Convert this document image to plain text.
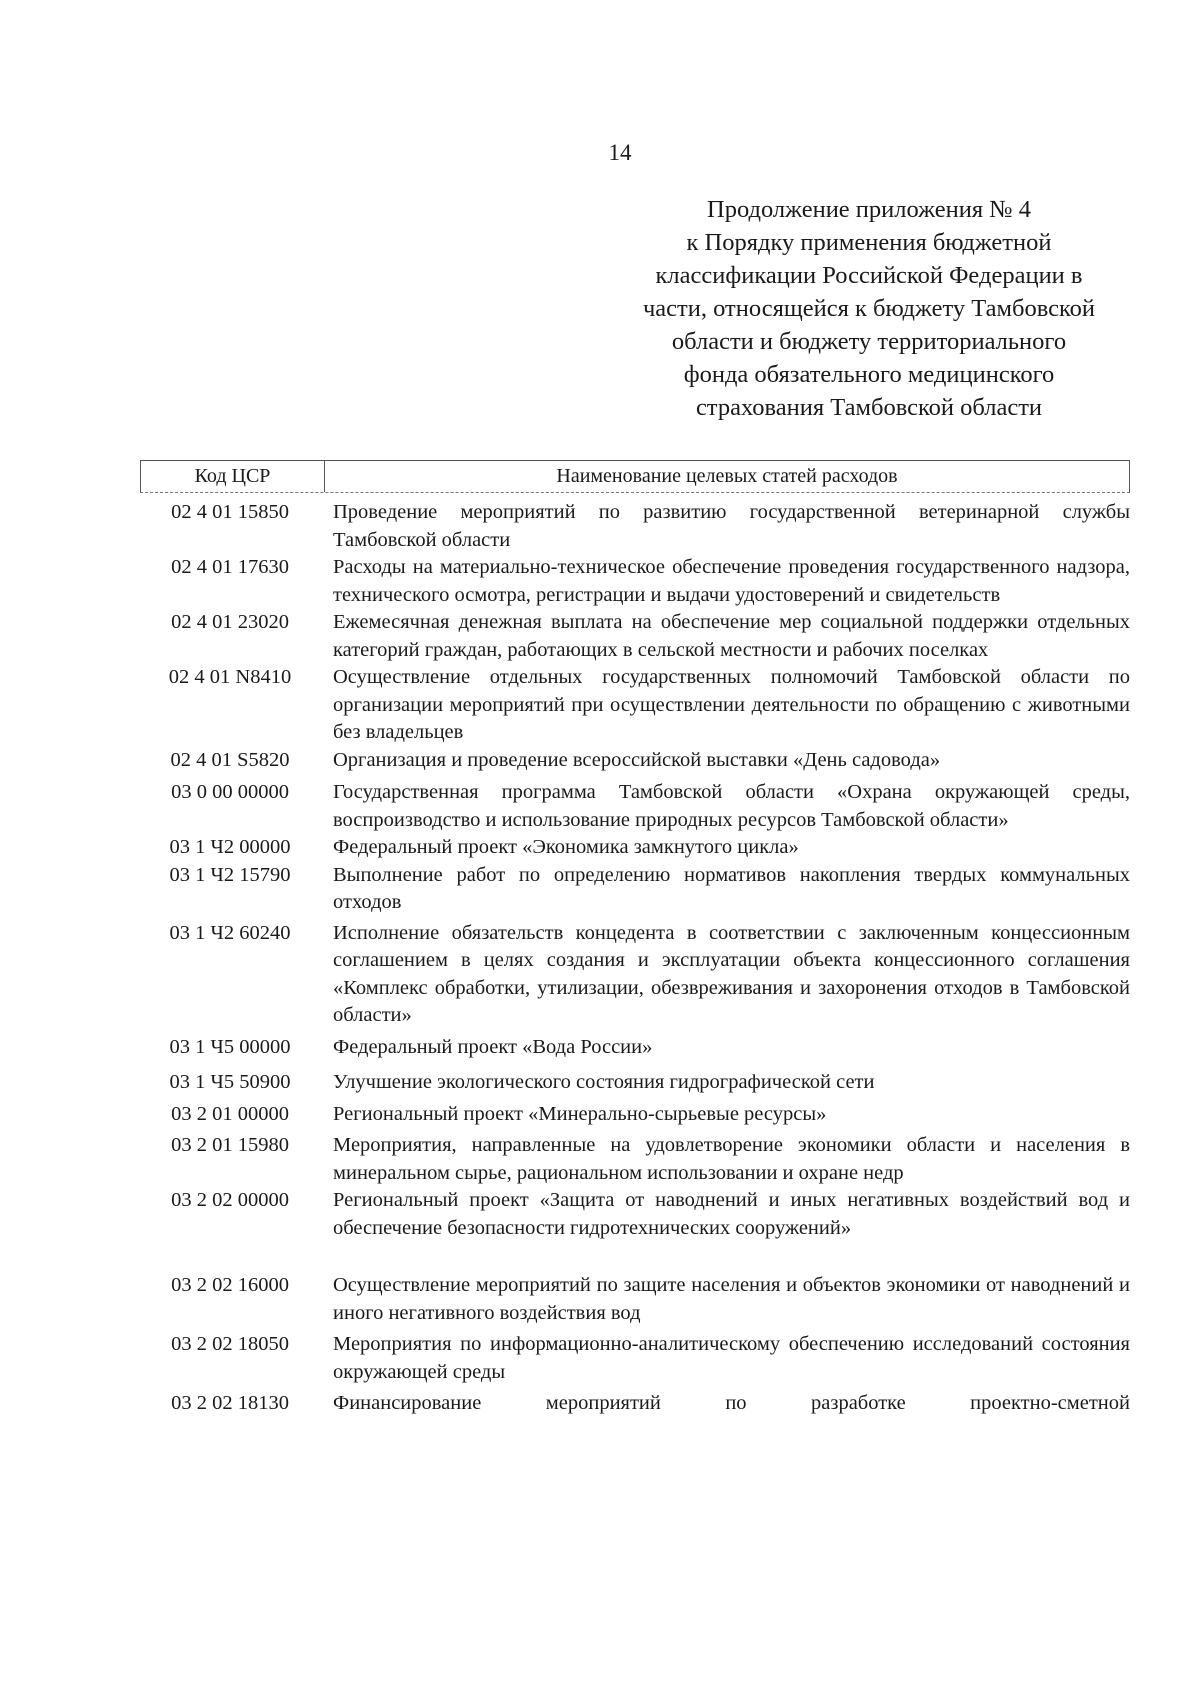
14
Продолжение приложения № 4
к Порядку применения бюджетной
классификации Российской Федерации в
части, относящейся к бюджету Тамбовской
области и бюджету территориального
фонда обязательного медицинского
страхования Тамбовской области
Код ЦСР	Наименование целевых статей расходов
02 4 01 15850	Проведение мероприятий по развитию государственной ветеринарной службы Тамбовской области
02 4 01 17630	Расходы на материально-техническое обеспечение проведения государственного надзора, технического осмотра, регистрации и выдачи удостоверений и свидетельств
02 4 01 23020	Ежемесячная денежная выплата на обеспечение мер социальной поддержки отдельных категорий граждан, работающих в сельской местности и рабочих поселках
02 4 01 N8410	Осуществление отдельных государственных полномочий Тамбовской области по организации мероприятий при осуществлении деятельности по обращению с животными без владельцев
02 4 01 S5820	Организация и проведение всероссийской выставки «День садовода»
03 0 00 00000	Государственная программа Тамбовской области «Охрана окружающей среды, воспроизводство и использование природных ресурсов Тамбовской области»
03 1 Ч2 00000	Федеральный проект «Экономика замкнутого цикла»
03 1 Ч2 15790	Выполнение работ по определению нормативов накопления твердых коммунальных отходов
03 1 Ч2 60240	Исполнение обязательств концедента в соответствии с заключенным концессионным соглашением в целях создания и эксплуатации объекта концессионного соглашения «Комплекс обработки, утилизации, обезвреживания и захоронения отходов в Тамбовской области»
03 1 Ч5 00000	Федеральный проект «Вода России»
03 1 Ч5 50900	Улучшение экологического состояния гидрографической сети
03 2 01 00000	Региональный проект «Минерально-сырьевые ресурсы»
03 2 01 15980	Мероприятия, направленные на удовлетворение экономики области и населения в минеральном сырье, рациональном использовании и охране недр
03 2 02 00000	Региональный проект «Защита от наводнений и иных негативных воздействий вод и обеспечение безопасности гидротехнических сооружений»
03 2 02 16000	Осуществление мероприятий по защите населения и объектов экономики от наводнений и иного негативного воздействия вод
03 2 02 18050	Мероприятия по информационно-аналитическому обеспечению исследований состояния окружающей среды
03 2 02 18130	Финансирование мероприятий по разработке проектно-сметной
